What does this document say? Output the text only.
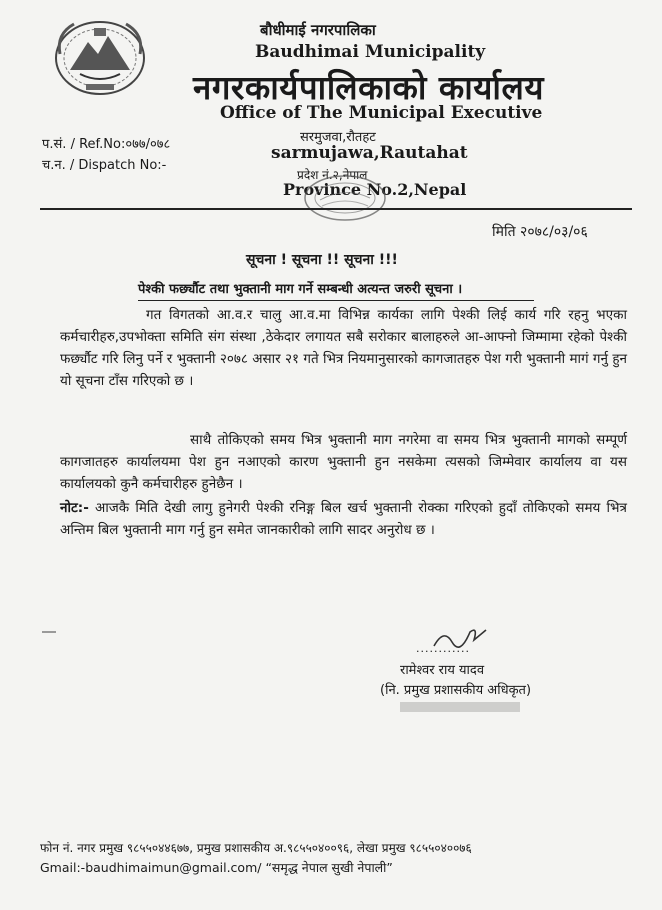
बौधीमाई नगरपालिका
Baudhimai Municipality
नगरकार्यपालिकाको कार्यालय
Office of The Municipal Executive
सरमुजवा,रौतहट
sarmujawa,Rautahat
प्रदेश नं.२,नेपाल
Province No.2,Nepal
प.सं. / Ref.No:०७७/०७८
च.न. / Dispatch No:-
मिति २०७८/०३/०६
सूचना ! सूचना !! सूचना !!!
पेश्की फर्छ्यौट तथा भुक्तानी माग गर्ने सम्बन्धी अत्यन्त जरुरी सूचना ।
गत विगतको आ.व.र चालु आ.व.मा विभिन्न कार्यका लागि पेश्की लिई कार्य गरि रहनु भएका कर्मचारीहरु,उपभोक्ता समिति संग संस्था ,ठेकेदार लगायत सबै सरोकार बालाहरुले आ-आफ्नो जिम्मामा रहेको पेश्की फर्छ्यौट गरि लिनु पर्ने र भुक्तानी २०७८ असार २१ गते भित्र नियमानुसारको कागजातहरु पेश गरी भुक्तानी मागं गर्नु हुन यो सूचना टाँस गरिएको छ ।
साथै तोकिएको समय भित्र भुक्तानी माग नगरेमा वा समय भित्र भुक्तानी मागको सम्पूर्ण कागजातहरु कार्यालयमा पेश हुन नआएको कारण भुक्तानी हुन नसकेमा त्यसको जिम्मेवार कार्यालय वा यस कार्यालयको कुनै कर्मचारीहरु हुनेछैन ।
नोट:- आजकै मिति देखी लागु हुनेगरी पेश्की रनिङ्ग बिल खर्च भुक्तानी रोक्का गरिएको हुदाँ तोकिएको समय भित्र अन्तिम बिल भुक्तानी माग गर्नु हुन समेत जानकारीको लागि सादर अनुरोध छ ।
............
रामेश्वर राय यादव
(नि. प्रमुख प्रशासकीय अधिकृत)
फोन नं. नगर प्रमुख ९८५५०४४६७७, प्रमुख प्रशासकीय अ.९८५५०४००९६, लेखा प्रमुख ९८५५०४००७६
Gmail:-baudhimaimun@gmail.com/ “समृद्ध नेपाल सुखी नेपाली”
